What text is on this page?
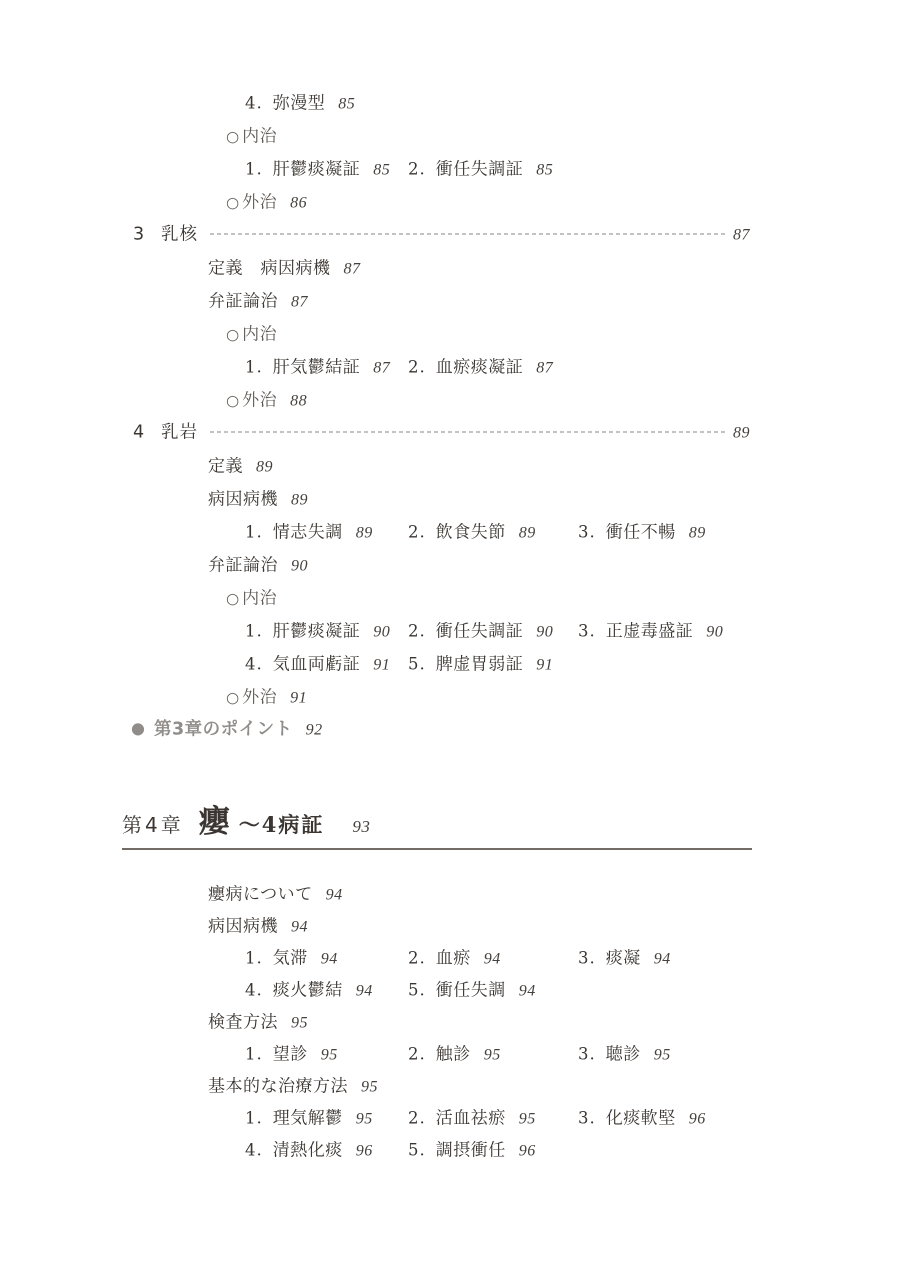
4. 弥漫型 85
○ 内治
1. 肝鬱痰凝証 85 2. 衝任失調証 85
○ 外治 86
3 乳核	87
定義　病因病機 87
弁証論治 87
○ 内治
1. 肝気鬱結証 87 2. 血瘀痰凝証 87
○ 外治 88
4 乳岩	89
定義 89
病因病機 89
1. 情志失調 89 2. 飲食失節 89	3. 衝任不暢 89
弁証論治 90
○ 内治
1. 肝鬱痰凝証 90 2. 衝任失調証 90 3. 正虚毒盛証 90
4. 気血両虧証 91 5. 脾虚胃弱証 91
○ 外治 91
● 第3章のポイント 92
第4章 癭 ～4病証 93
癭病について 94
病因病機 94
1. 気滞 94	2. 血瘀 94	3. 痰凝 94
4. 痰火鬱結 94 5. 衝任失調 94
検査方法 95
1. 望診 95	2. 触診 95	3. 聴診 95
基本的な治療方法 95
1. 理気解鬱 95 2. 活血祛瘀 95	3. 化痰軟堅 96
4. 清熱化痰 96 5. 調摂衝任 96
